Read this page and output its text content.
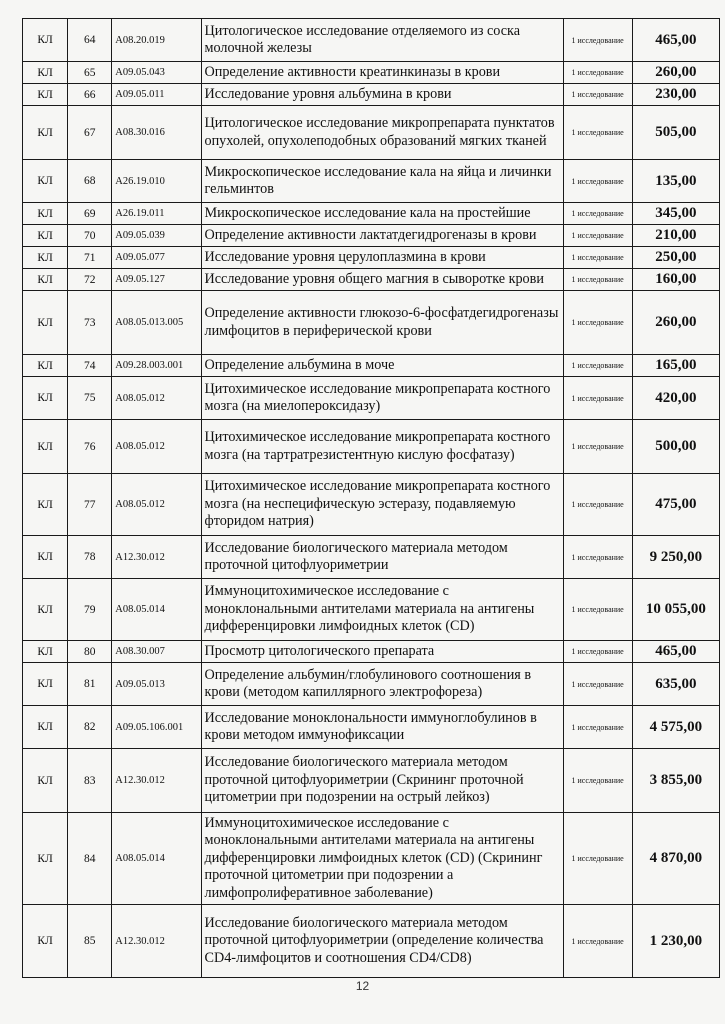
КЛ	64	A08.20.019	Цитологическое исследование отделяемого из соска молочной железы	1 исследование	465,00
КЛ	65	A09.05.043	Определение активности креатинкиназы в крови	1 исследование	260,00
КЛ	66	A09.05.011	Исследование уровня альбумина в крови	1 исследование	230,00
КЛ	67	A08.30.016	Цитологическое исследование микропрепарата пунктатов опухолей, опухолеподобных образований мягких тканей	1 исследование	505,00
КЛ	68	A26.19.010	Микроскопическое исследование кала на яйца и личинки гельминтов	1 исследование	135,00
КЛ	69	A26.19.011	Микроскопическое исследование кала на простейшие	1 исследование	345,00
КЛ	70	A09.05.039	Определение активности лактатдегидрогеназы в крови	1 исследование	210,00
КЛ	71	A09.05.077	Исследование уровня церулоплазмина в крови	1 исследование	250,00
КЛ	72	A09.05.127	Исследование уровня общего магния в сыворотке крови	1 исследование	160,00
КЛ	73	A08.05.013.005	Определение активности глюкозо-6-фосфатдегидрогеназы лимфоцитов в периферической крови	1 исследование	260,00
КЛ	74	A09.28.003.001	Определение альбумина в моче	1 исследование	165,00
КЛ	75	A08.05.012	Цитохимическое исследование микропрепарата костного мозга (на миелопероксидазу)	1 исследование	420,00
КЛ	76	A08.05.012	Цитохимическое исследование микропрепарата костного мозга (на тартратрезистентную кислую фосфатазу)	1 исследование	500,00
КЛ	77	A08.05.012	Цитохимическое исследование микропрепарата костного мозга (на неспецифическую эстеразу, подавляемую фторидом натрия)	1 исследование	475,00
КЛ	78	A12.30.012	Исследование биологического материала методом проточной цитофлуориметрии	1 исследование	9 250,00
КЛ	79	A08.05.014	Иммуноцитохимическое исследование с моноклональными антителами материала на антигены дифференцировки лимфоидных клеток (CD)	1 исследование	10 055,00
КЛ	80	A08.30.007	Просмотр цитологического препарата	1 исследование	465,00
КЛ	81	A09.05.013	Определение альбумин/глобулинового соотношения в крови (методом капиллярного электрофореза)	1 исследование	635,00
КЛ	82	A09.05.106.001	Исследование моноклональности иммуноглобулинов в крови методом иммунофиксации	1 исследование	4 575,00
КЛ	83	A12.30.012	Исследование биологического материала методом проточной цитофлуориметрии (Скрининг проточной цитометрии при подозрении на острый лейкоз)	1 исследование	3 855,00
КЛ	84	A08.05.014	Иммуноцитохимическое исследование с моноклональными антителами материала на антигены дифференцировки лимфоидных клеток (CD) (Скрининг проточной цитометрии при подозрении а лимфопролиферативное заболевание)	1 исследование	4 870,00
КЛ	85	A12.30.012	Исследование биологического материала методом проточной цитофлуориметрии (определение количества CD4-лимфоцитов и соотношения CD4/CD8)	1 исследование	1 230,00
12
